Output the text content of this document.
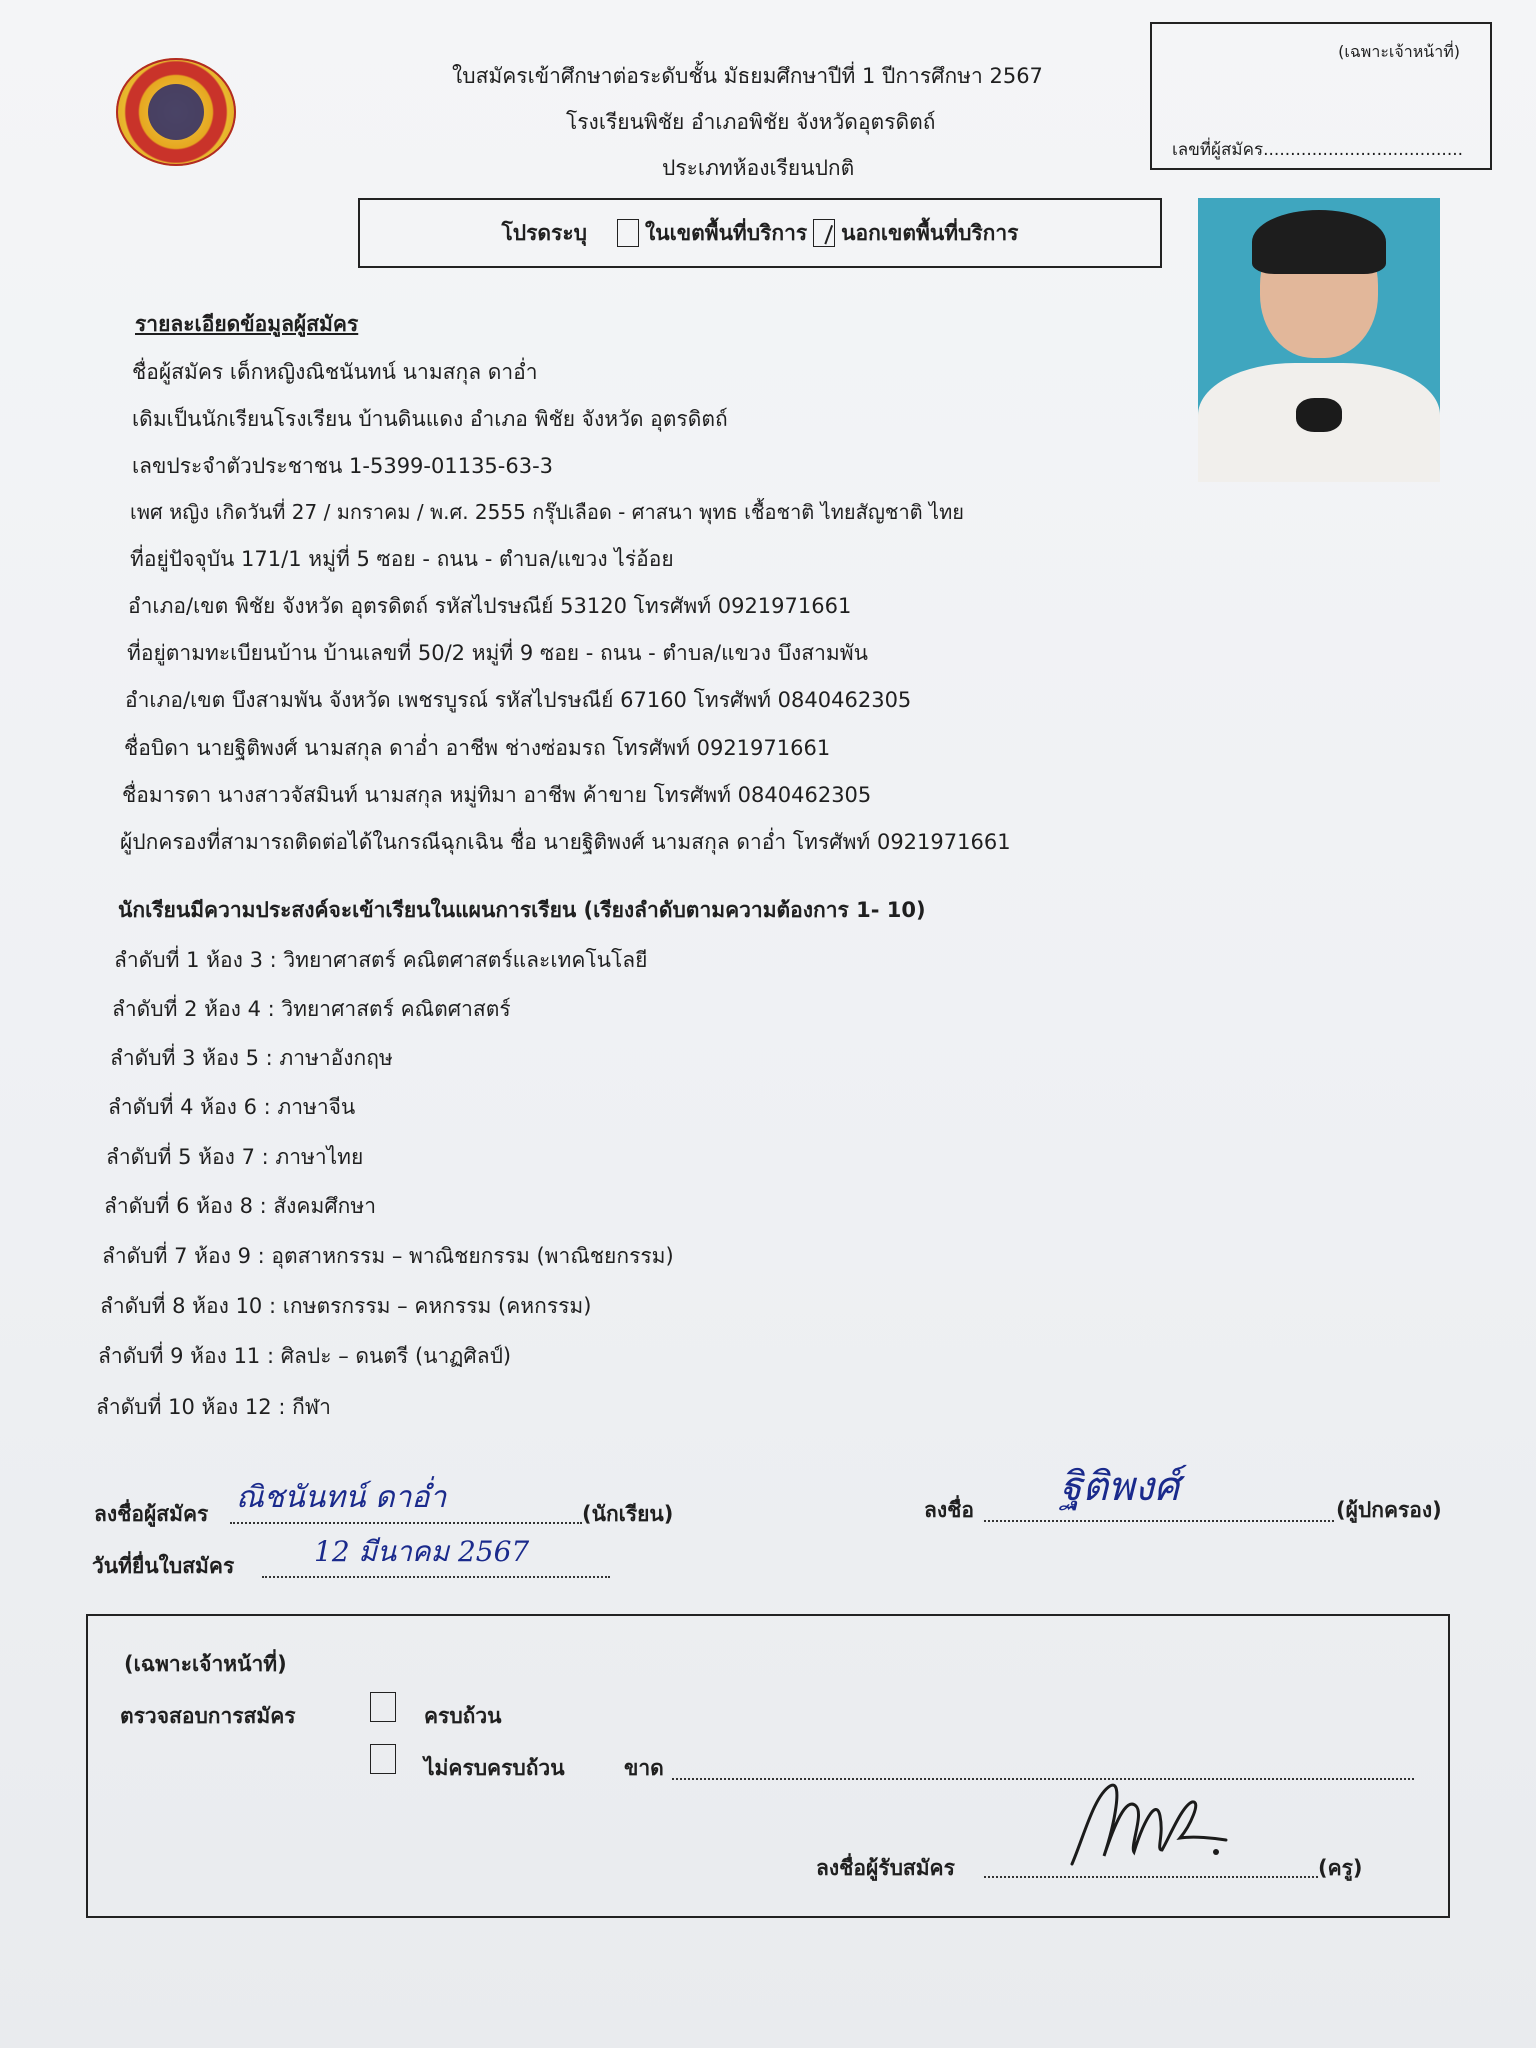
ใบสมัครเข้าศึกษาต่อระดับชั้น มัธยมศึกษาปีที่ 1 ปีการศึกษา 2567
โรงเรียนพิชัย อำเภอพิชัย จังหวัดอุตรดิตถ์
ประเภทห้องเรียนปกติ
(เฉพาะเจ้าหน้าที่)
เลขที่ผู้สมัคร.....................................
โปรดระบุ	ในเขตพื้นที่บริการ นอกเขตพื้นที่บริการ
รายละเอียดข้อมูลผู้สมัคร
ชื่อผู้สมัคร เด็กหญิงณิชนันทน์ นามสกุล ดาอ่ำ
เดิมเป็นนักเรียนโรงเรียน บ้านดินแดง อำเภอ พิชัย จังหวัด อุตรดิตถ์
เลขประจำตัวประชาชน 1-5399-01135-63-3
เพศ หญิง เกิดวันที่ 27 / มกราคม / พ.ศ. 2555 กรุ๊ปเลือด - ศาสนา พุทธ เชื้อชาติ ไทยสัญชาติ ไทย
ที่อยู่ปัจจุบัน 171/1 หมู่ที่ 5 ซอย - ถนน - ตำบล/แขวง ไร่อ้อย
อำเภอ/เขต พิชัย จังหวัด อุตรดิตถ์ รหัสไปรษณีย์ 53120 โทรศัพท์ 0921971661
ที่อยู่ตามทะเบียนบ้าน บ้านเลขที่ 50/2 หมู่ที่ 9 ซอย - ถนน - ตำบล/แขวง บึงสามพัน
อำเภอ/เขต บึงสามพัน จังหวัด เพชรบูรณ์ รหัสไปรษณีย์ 67160 โทรศัพท์ 0840462305
ชื่อบิดา นายฐิติพงศ์ นามสกุล ดาอ่ำ อาชีพ ช่างซ่อมรถ โทรศัพท์ 0921971661
ชื่อมารดา นางสาวจัสมินท์ นามสกุล หมู่ทิมา อาชีพ ค้าขาย โทรศัพท์ 0840462305
ผู้ปกครองที่สามารถติดต่อได้ในกรณีฉุกเฉิน ชื่อ นายฐิติพงศ์ นามสกุล ดาอ่ำ โทรศัพท์ 0921971661
นักเรียนมีความประสงค์จะเข้าเรียนในแผนการเรียน (เรียงลำดับตามความต้องการ 1- 10)
ลำดับที่ 1 ห้อง 3 : วิทยาศาสตร์ คณิตศาสตร์และเทคโนโลยี
ลำดับที่ 2 ห้อง 4 : วิทยาศาสตร์ คณิตศาสตร์
ลำดับที่ 3 ห้อง 5 : ภาษาอังกฤษ
ลำดับที่ 4 ห้อง 6 : ภาษาจีน
ลำดับที่ 5 ห้อง 7 : ภาษาไทย
ลำดับที่ 6 ห้อง 8 : สังคมศึกษา
ลำดับที่ 7 ห้อง 9 : อุตสาหกรรม – พาณิชยกรรม (พาณิชยกรรม)
ลำดับที่ 8 ห้อง 10 : เกษตรกรรม – คหกรรม (คหกรรม)
ลำดับที่ 9 ห้อง 11 : ศิลปะ – ดนตรี (นาฏศิลป์)
ลำดับที่ 10 ห้อง 12 : กีฬา
ลงชื่อผู้สมัคร ณิชนันทน์ ดาอ่ำ	(นักเรียน)	ลงชื่อ ฐิติพงศ์	(ผู้ปกครอง)
วันที่ยื่นใบสมัคร	12 มีนาคม 2567
(เฉพาะเจ้าหน้าที่)
ตรวจสอบการสมัคร	ครบถ้วน
ไม่ครบครบถ้วน	ขาด
ลงชื่อผู้รับสมัคร	(ครู)
